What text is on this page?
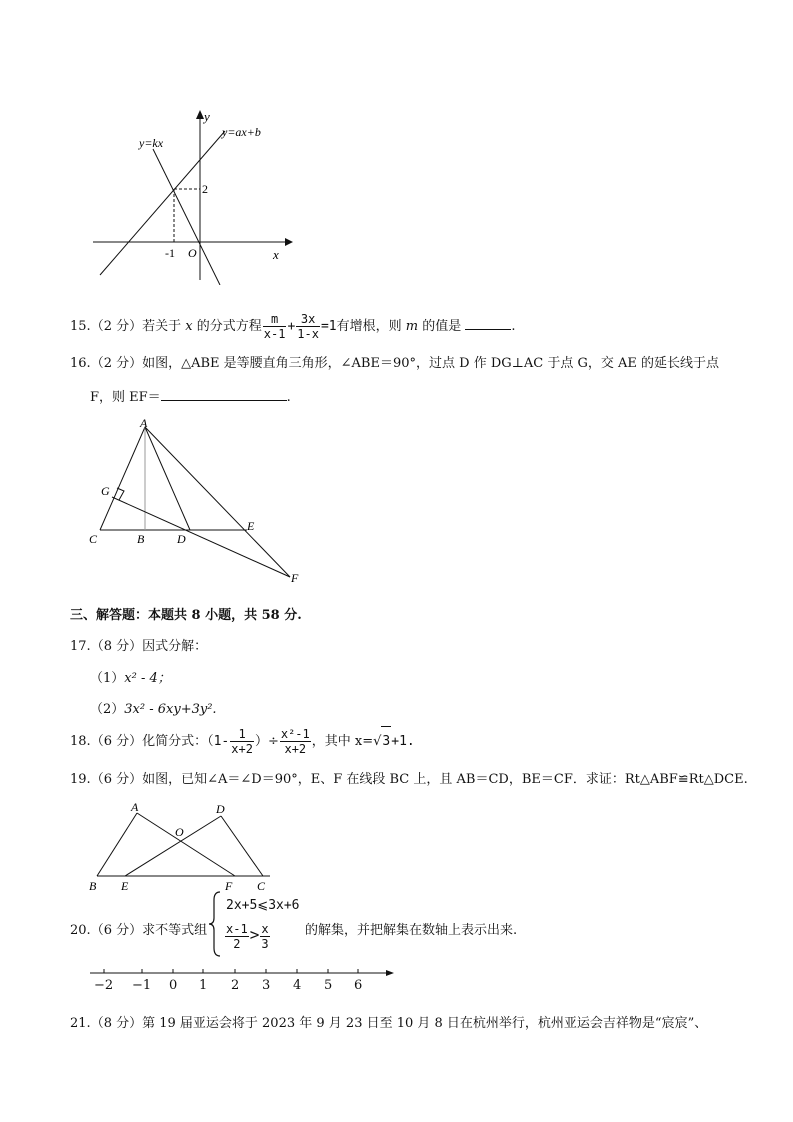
y
x
O
y=kx
y=ax+b
-1
2
15.（2 分）若关于 x 的分式方程 $\frac{m}{x-1} + \frac{3x}{1-x} =1$有增根，则 m 的值是	.
16.（2 分）如图，△ABE 是等腰直角三角形，∠ABE＝90°，过点 D 作 DG⊥AC 于点 G，交 AE 的延长线于点
F，则 EF＝	.
A
G
C	B	D
E
F
三、解答题：本题共 8 小题，共 58 分.
17.（8 分）因式分解：
（1）x² - 4；
（2）3x² - 6xy+3y².
18.（6 分）化简分式：（$1- \frac{1}{x+2}$ ）÷ $\frac{\text{x²-1}}{x+2}$ ，其中 x=√3+1.
19.（6 分）如图，已知∠A＝∠D＝90°，E、F 在线段 BC 上，且 AB＝CD，BE＝CF．求证：Rt△ABF≌Rt△DCE.
A	D
O
B E	F C
20.（6 分）求不等式组
2x+5⩽3x+6
$\frac{x-1}{2} > \frac{x}{3}$	的解集，并把解集在数轴上表示出来.
−2 −1 0 1 2 3 4 5 6
21.（8 分）第 19 届亚运会将于 2023 年 9 月 23 日至 10 月 8 日在杭州举行，杭州亚运会吉祥物是“宸宸”、
